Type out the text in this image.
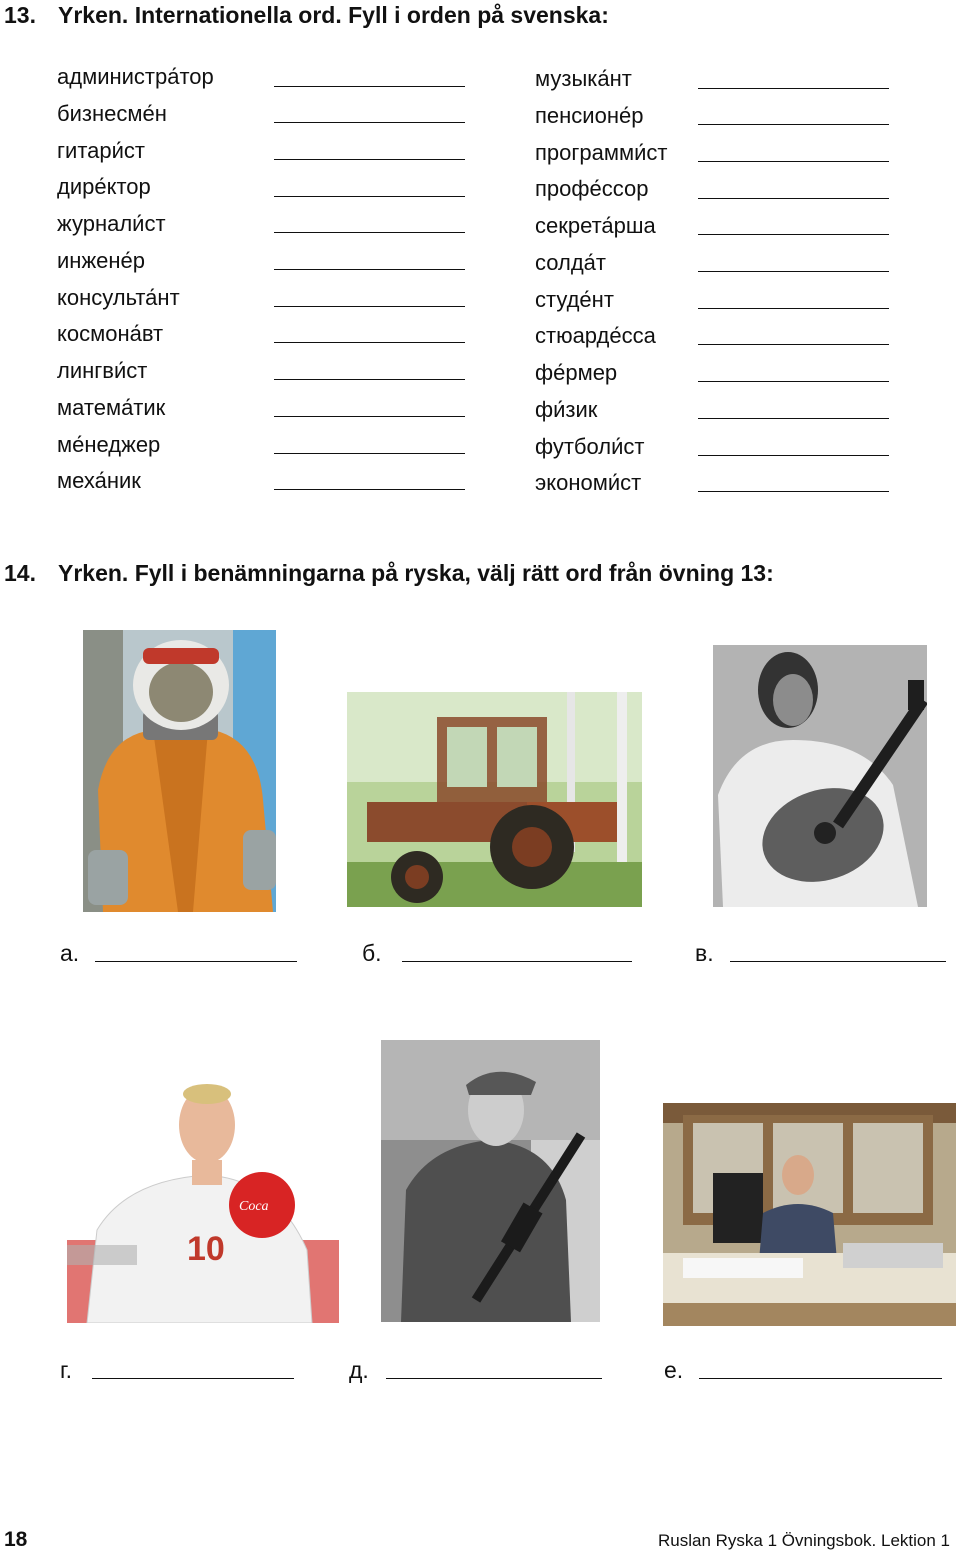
13. Yrken. Internationella ord. Fyll i orden på svenska:
администра́тор
бизнесме́н
гитари́ст
дире́ктор
журнали́ст
инжене́р
консульта́нт
космона́вт
лингви́ст
матема́тик
ме́неджер
меха́ник
музыка́нт
пенсионе́р
программи́ст
профе́ссор
секрета́рша
солда́т
студе́нт
стюарде́сса
фе́рмер
фи́зик
футболи́ст
экономи́ст
14. Yrken. Fyll i benämningarna på ryska, välj rätt ord från övning 13:
а.	б.	в.
Coca
10
г.	д.	е.
18	Ruslan Ryska 1 Övningsbok. Lektion 1
